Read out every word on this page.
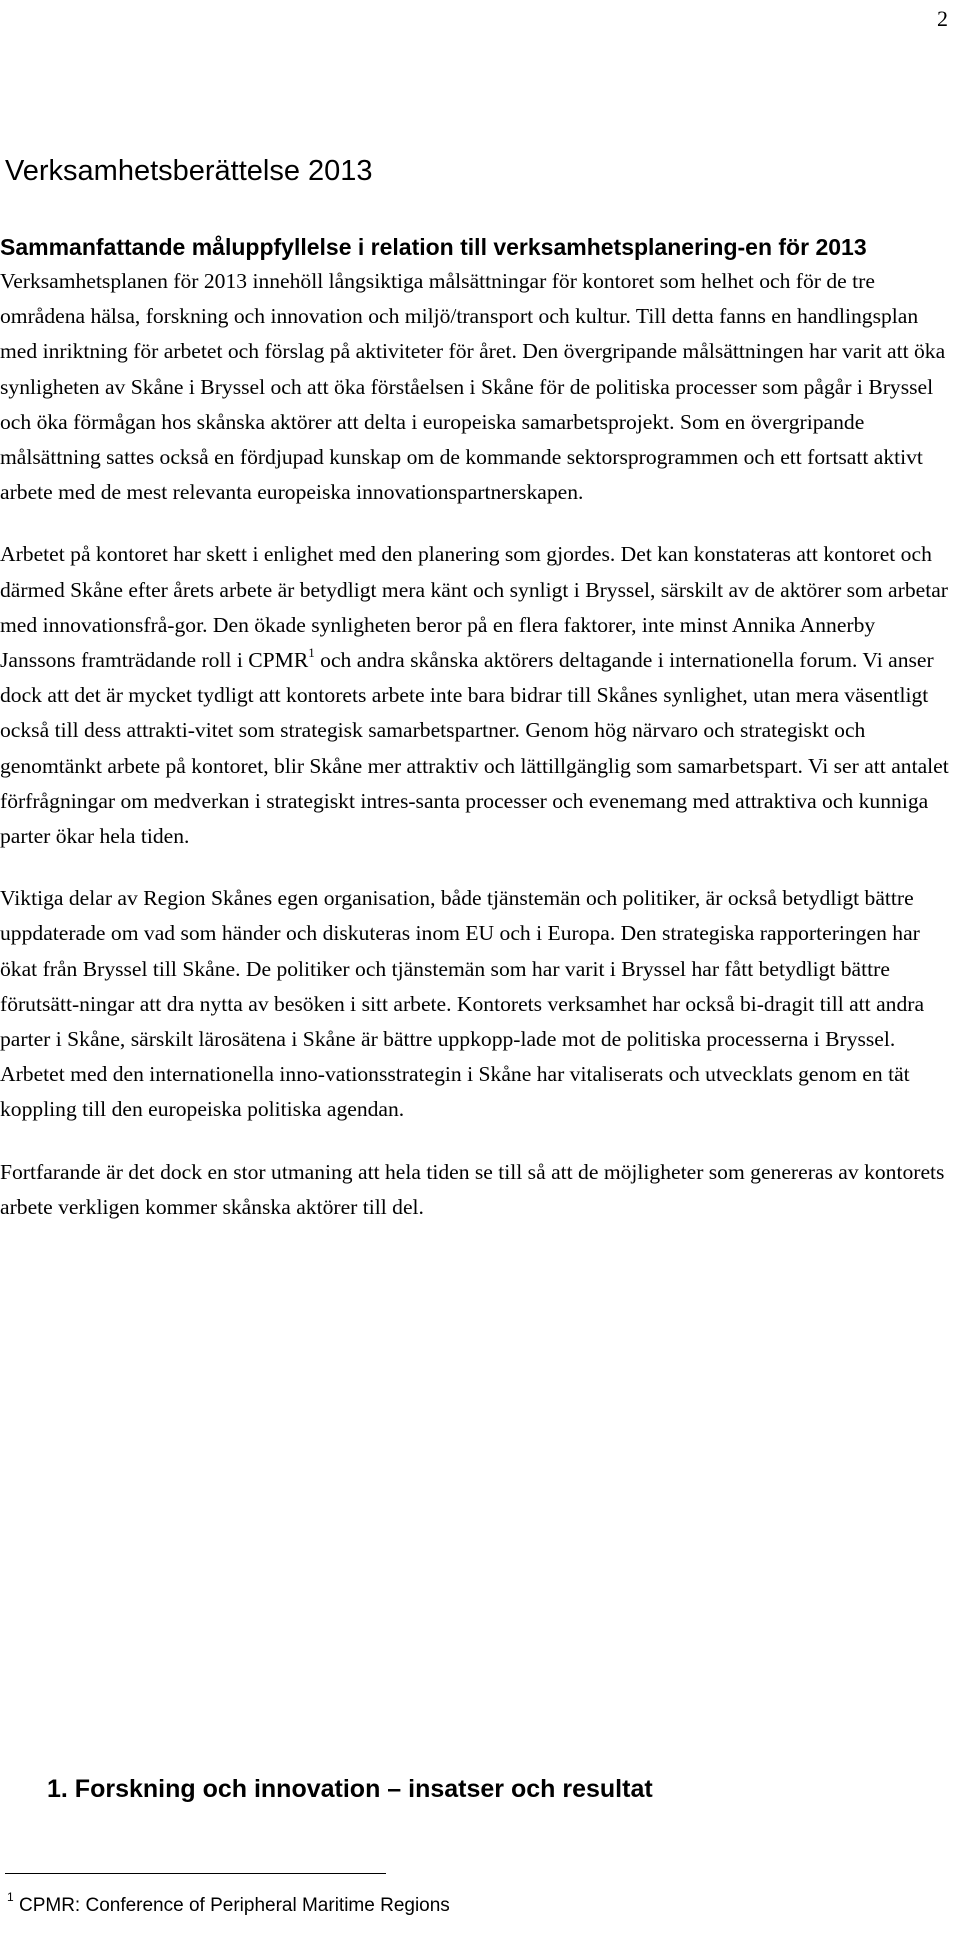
2
Verksamhetsberättelse 2013
Sammanfattande måluppfyllelse i relation till verksamhetsplanering-en för 2013

Verksamhetsplanen för 2013 innehöll långsiktiga målsättningar för kontoret som helhet och för de tre områdena hälsa, forskning och innovation och miljö/transport och kultur. Till detta fanns en handlingsplan med inriktning för arbetet och förslag på aktiviteter för året. Den övergripande målsättningen har varit att öka synligheten av Skåne i Bryssel och att öka förståelsen i Skåne för de politiska processer som pågår i Bryssel och öka förmågan hos skånska aktörer att delta i europeiska samarbetsprojekt. Som en övergripande målsättning sattes också en fördjupad kunskap om de kommande sektorsprogrammen och ett fortsatt aktivt arbete med de mest relevanta europeiska innovationspartnerskapen.

Arbetet på kontoret har skett i enlighet med den planering som gjordes. Det kan konstateras att kontoret och därmed Skåne efter årets arbete är betydligt mera känt och synligt i Bryssel, särskilt av de aktörer som arbetar med innovationsfrå-gor. Den ökade synligheten beror på en flera faktorer, inte minst Annika Annerby Janssons framträdande roll i CPMR$^1$ och andra skånska aktörers deltagande i internationella forum. Vi anser dock att det är mycket tydligt att kontorets arbete inte bara bidrar till Skånes synlighet, utan mera väsentligt också till dess attrakti-vitet som strategisk samarbetspartner. Genom hög närvaro och strategiskt och genomtänkt arbete på kontoret, blir Skåne mer attraktiv och lättillgänglig som samarbetspart. Vi ser att antalet förfrågningar om medverkan i strategiskt intres-santa processer och evenemang med attraktiva och kunniga parter ökar hela tiden.

Viktiga delar av Region Skånes egen organisation, både tjänstemän och politiker, är också betydligt bättre uppdaterade om vad som händer och diskuteras inom EU och i Europa. Den strategiska rapporteringen har ökat från Bryssel till Skåne. De politiker och tjänstemän som har varit i Bryssel har fått betydligt bättre förutsätt-ningar att dra nytta av besöken i sitt arbete. Kontorets verksamhet har också bi-dragit till att andra parter i Skåne, särskilt lärosätena i Skåne är bättre uppkopp-lade mot de politiska processerna i Bryssel. Arbetet med den internationella inno-vationsstrategin i Skåne har vitaliserats och utvecklats genom en tät koppling till den europeiska politiska agendan.

Fortfarande är det dock en stor utmaning att hela tiden se till så att de möjligheter som genereras av kontorets arbete verkligen kommer skånska aktörer till del.

1. Forskning och innovation – insatser och resultat
$^1$ CPMR: Conference of Peripheral Maritime Regions
